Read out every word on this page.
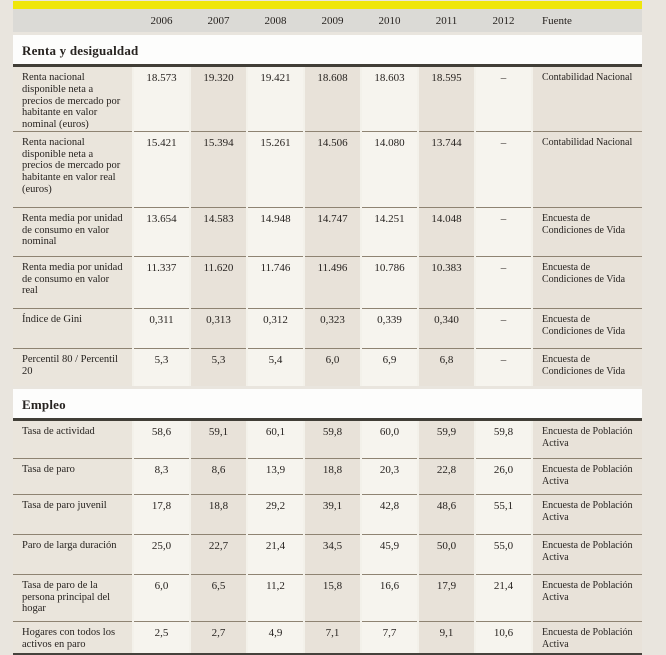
2006	2007	2008	2009	2010	2011	2012	Fuente
Renta y desigualdad
Renta nacional disponible neta a precios de mercado por habitante en valor nominal (euros)
18.573	19.320	19.421	18.608	18.603	18.595	–	Contabilidad Nacional
Renta nacional disponible neta a precios de mercado por habitante en valor real (euros)
15.421	15.394	15.261	14.506	14.080	13.744	–	Contabilidad Nacional
Renta media por unidad de consumo en valor nominal
13.654	14.583	14.948	14.747	14.251	14.048	–	Encuesta de Condiciones de Vida
Renta media por unidad de consumo en valor real
11.337	11.620	11.746	11.496	10.786	10.383	–	Encuesta de Condiciones de Vida
Índice de Gini	0,311	0,313	0,312	0,323	0,339	0,340	–	Encuesta de Condiciones de Vida
Percentil 80 / Percentil 20
5,3	5,3	5,4	6,0	6,9	6,8	–	Encuesta de Condiciones de Vida
Empleo
Tasa de actividad	58,6	59,1	60,1	59,8	60,0	59,9	59,8	Encuesta de Población Activa
Tasa de paro	8,3	8,6	13,9	18,8	20,3	22,8	26,0	Encuesta de Población Activa
Tasa de paro juvenil	17,8	18,8	29,2	39,1	42,8	48,6	55,1	Encuesta de Población Activa
Paro de larga duración	25,0	22,7	21,4	34,5	45,9	50,0	55,0	Encuesta de Población Activa
Tasa de paro de la persona principal del hogar
6,0	6,5	11,2	15,8	16,6	17,9	21,4	Encuesta de Población Activa
Hogares con todos los activos en paro
2,5	2,7	4,9	7,1	7,7	9,1	10,6	Encuesta de Población Activa
